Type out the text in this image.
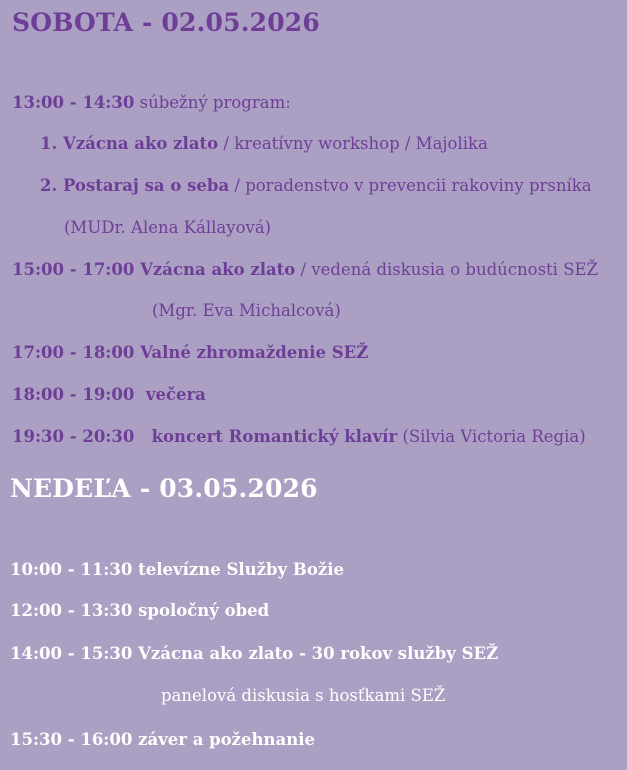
SOBOTA - 02.05.2026
13:00 - 14:30 súbežný program:
1. Vzácna ako zlato / kreatívny workshop / Majolika
2. Postaraj sa o seba / poradenstvo v prevencii rakoviny prsníka
(MUDr. Alena Kállayová)
15:00 - 17:00 Vzácna ako zlato / vedená diskusia o budúcnosti SEŽ
(Mgr. Eva Michalcová)
17:00 - 18:00 Valné zhromaždenie SEŽ
18:00 - 19:00  večera
19:30 - 20:30   koncert Romantický klavír (Silvia Victoria Regia)
NEDEĽA - 03.05.2026
10:00 - 11:30 televízne Služby Božie
12:00 - 13:30 spoločný obed
14:00 - 15:30 Vzácna ako zlato - 30 rokov služby SEŽ
panelová diskusia s hosťkami SEŽ
15:30 - 16:00 záver a požehnanie
